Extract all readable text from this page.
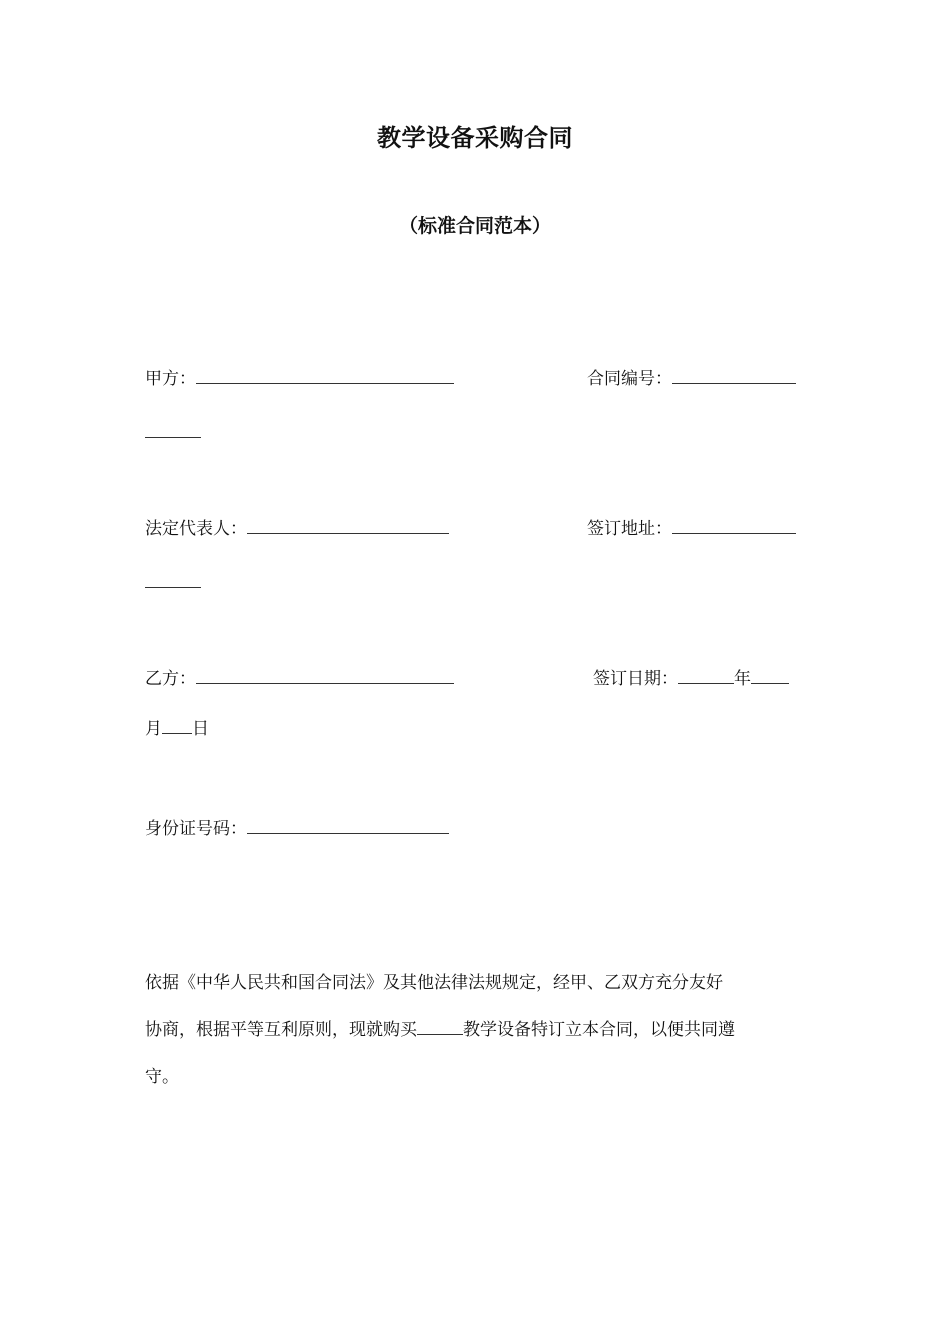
教学设备采购合同
（标准合同范本）
甲方：	合同编号：
法定代表人：	签订地址：
乙方：	签订日期：	年
月 日
身份证号码：
依据《中华人民共和国合同法》及其他法律法规规定，经甲、乙双方充分友好
协商，根据平等互利原则，现就购买	教学设备特订立本合同，以便共同遵
守。
